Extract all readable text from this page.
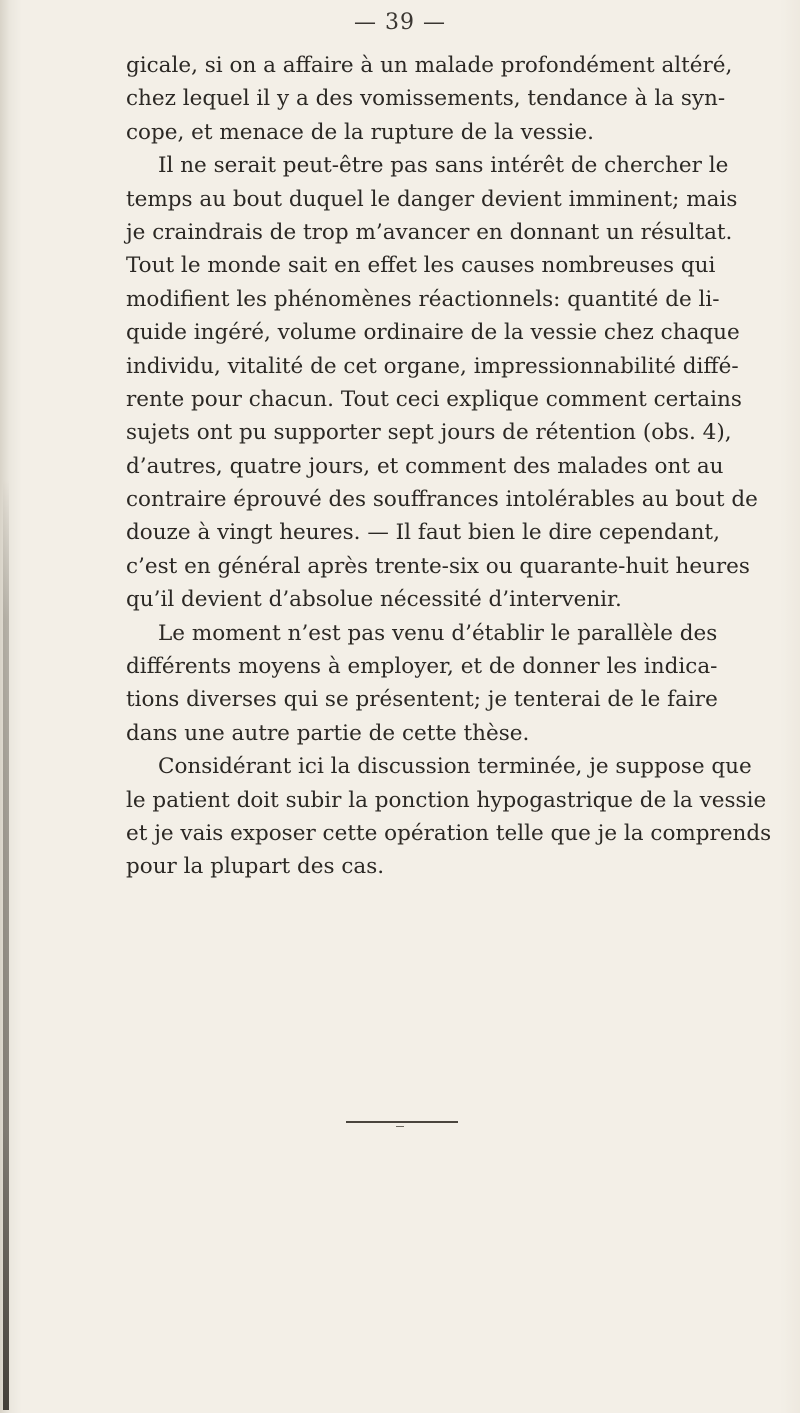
— 39 —
gicale, si on a affaire à un malade profondément altéré,
chez lequel il y a des vomissements, tendance à la syn-
cope, et menace de la rupture de la vessie.
Il ne serait peut-être pas sans intérêt de chercher le
temps au bout duquel le danger devient imminent; mais
je craindrais de trop m’avancer en donnant un résultat.
Tout le monde sait en effet les causes nombreuses qui
modifient les phénomènes réactionnels: quantité de li-
quide ingéré, volume ordinaire de la vessie chez chaque
individu, vitalité de cet organe, impressionnabilité diffé-
rente pour chacun. Tout ceci explique comment certains
sujets ont pu supporter sept jours de rétention (obs. 4),
d’autres, quatre jours, et comment des malades ont au
contraire éprouvé des souffrances intolérables au bout de
douze à vingt heures. — Il faut bien le dire cependant,
c’est en général après trente-six ou quarante-huit heures
qu’il devient d’absolue nécessité d’intervenir.
Le moment n’est pas venu d’établir le parallèle des
différents moyens à employer, et de donner les indica-
tions diverses qui se présentent; je tenterai de le faire
dans une autre partie de cette thèse.
Considérant ici la discussion terminée, je suppose que
le patient doit subir la ponction hypogastrique de la vessie
et je vais exposer cette opération telle que je la comprends
pour la plupart des cas.
